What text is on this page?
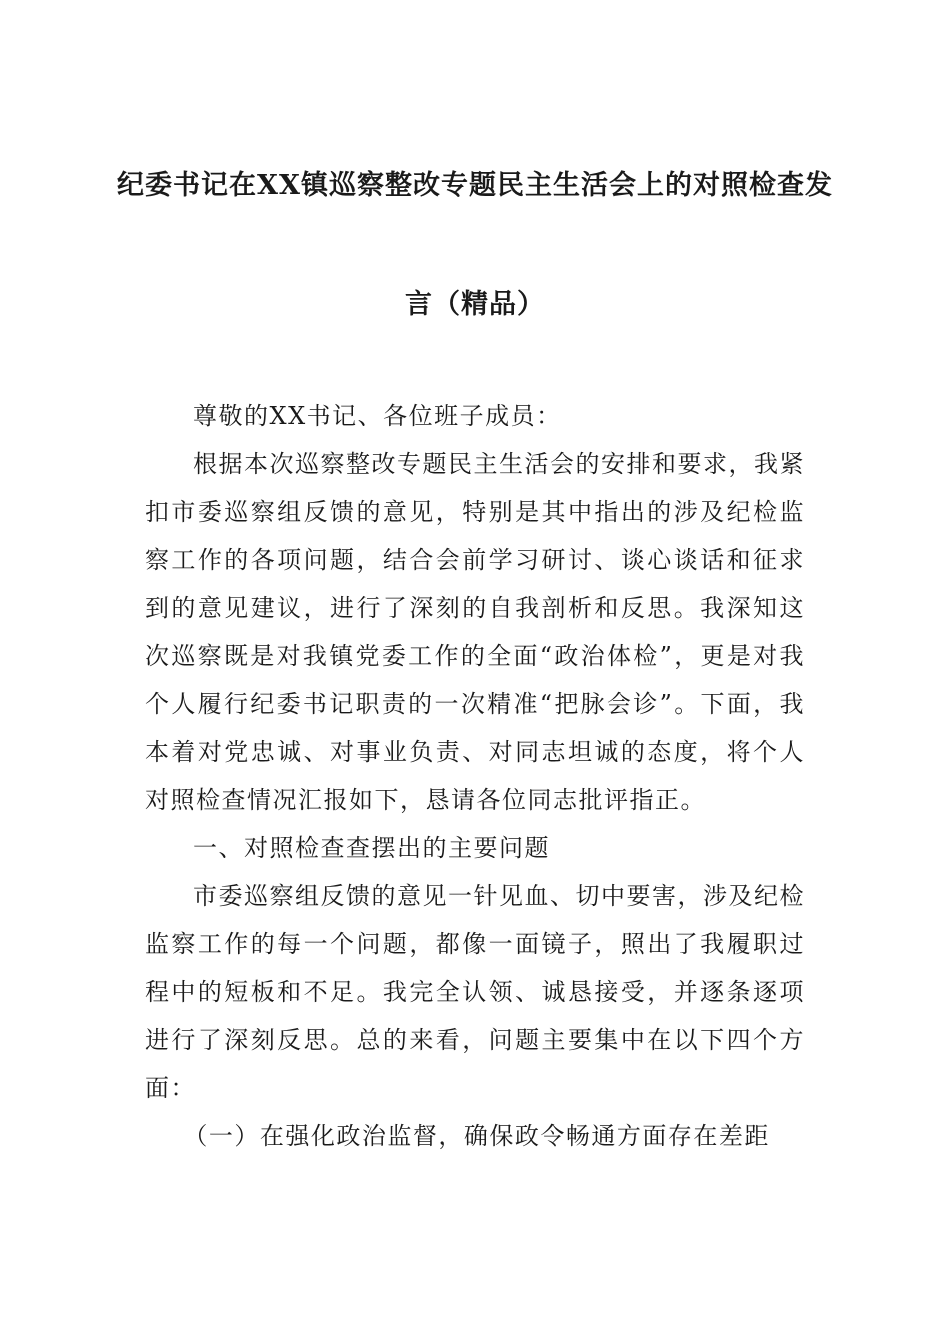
纪委书记在XX镇巡察整改专题民主生活会上的对照检查发
言（精品）

尊敬的XX书记、各位班子成员：

根据本次巡察整改专题民主生活会的安排和要求，我紧扣市委巡察组反馈的意见，特别是其中指出的涉及纪检监察工作的各项问题，结合会前学习研讨、谈心谈话和征求到的意见建议，进行了深刻的自我剖析和反思。我深知这次巡察既是对我镇党委工作的全面“政治体检”，更是对我个人履行纪委书记职责的一次精准“把脉会诊”。下面，我本着对党忠诚、对事业负责、对同志坦诚的态度，将个人对照检查情况汇报如下，恳请各位同志批评指正。

一、对照检查查摆出的主要问题

市委巡察组反馈的意见一针见血、切中要害，涉及纪检监察工作的每一个问题，都像一面镜子，照出了我履职过程中的短板和不足。我完全认领、诚恳接受，并逐条逐项进行了深刻反思。总的来看，问题主要集中在以下四个方面：

（一）在强化政治监督，确保政令畅通方面存在差距
